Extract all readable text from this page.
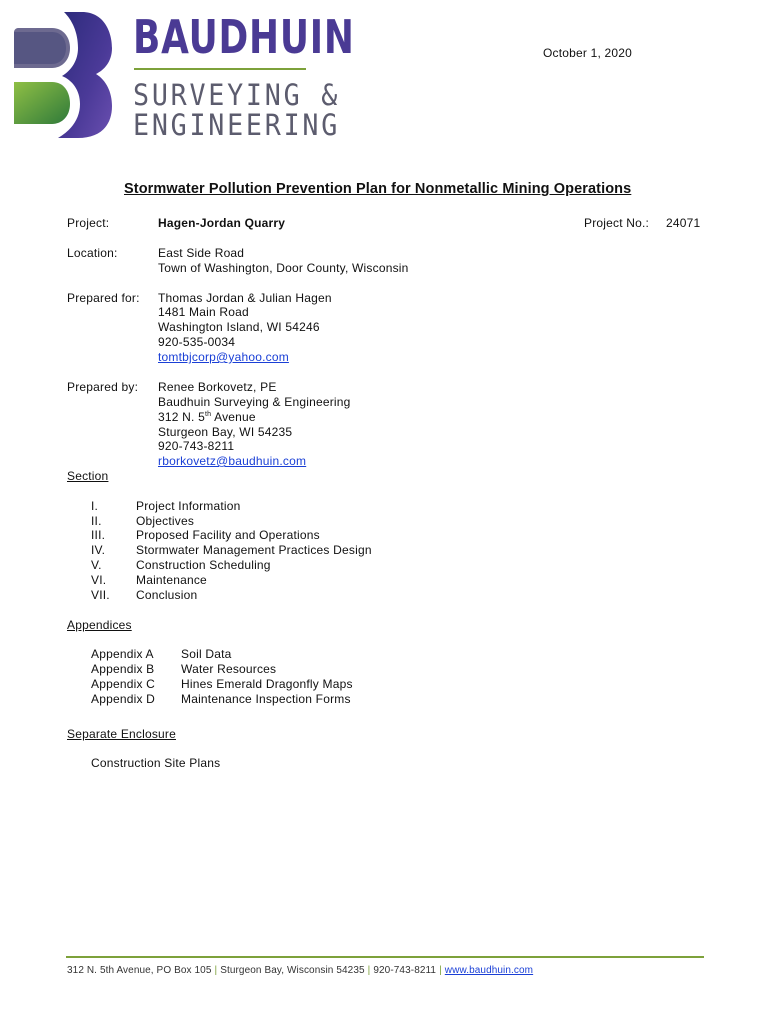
BAUDHUIN
SURVEYING &
ENGINEERING
October 1, 2020
Stormwater Pollution Prevention Plan for Nonmetallic Mining Operations
Project:	Hagen-Jordan Quarry	Project No.: 24071
Location:	East Side Road
Town of Washington, Door County, Wisconsin
Prepared for: Thomas Jordan & Julian Hagen
1481 Main Road
Washington Island, WI 54246
920-535-0034
tomtbjcorp@yahoo.com
Prepared by: Renee Borkovetz, PE
Baudhuin Surveying & Engineering
312 N. 5th Avenue
Sturgeon Bay, WI 54235
920-743-8211
rborkovetz@baudhuin.com
Section
I.	Project Information
II.	Objectives
III.	Proposed Facility and Operations
IV.	Stormwater Management Practices Design
V.	Construction Scheduling
VI. Maintenance
VII. Conclusion
Appendices
Appendix A Soil Data
Appendix B Water Resources
Appendix C Hines Emerald Dragonfly Maps
Appendix D Maintenance Inspection Forms
Separate Enclosure
Construction Site Plans
312 N. 5th Avenue, PO Box 105 | Sturgeon Bay, Wisconsin 54235 | 920-743-8211 | www.baudhuin.com
